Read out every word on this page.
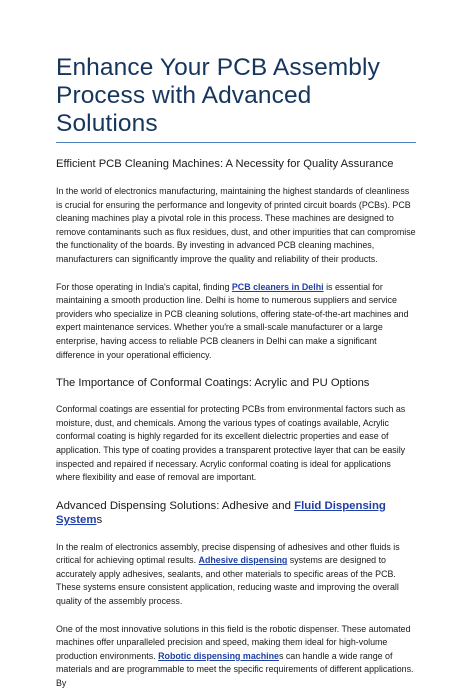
Enhance Your PCB Assembly Process with Advanced Solutions
Efficient PCB Cleaning Machines: A Necessity for Quality Assurance

In the world of electronics manufacturing, maintaining the highest standards of cleanliness is crucial for ensuring the performance and longevity of printed circuit boards (PCBs). PCB cleaning machines play a pivotal role in this process. These machines are designed to remove contaminants such as flux residues, dust, and other impurities that can compromise the functionality of the boards. By investing in advanced PCB cleaning machines, manufacturers can significantly improve the quality and reliability of their products.

For those operating in India's capital, finding PCB cleaners in Delhi is essential for maintaining a smooth production line. Delhi is home to numerous suppliers and service providers who specialize in PCB cleaning solutions, offering state-of-the-art machines and expert maintenance services. Whether you're a small-scale manufacturer or a large enterprise, having access to reliable PCB cleaners in Delhi can make a significant difference in your operational efficiency.

The Importance of Conformal Coatings: Acrylic and PU Options

Conformal coatings are essential for protecting PCBs from environmental factors such as moisture, dust, and chemicals. Among the various types of coatings available, Acrylic conformal coating is highly regarded for its excellent dielectric properties and ease of application. This type of coating provides a transparent protective layer that can be easily inspected and repaired if necessary. Acrylic conformal coating is ideal for applications where flexibility and ease of removal are important.

Advanced Dispensing Solutions: Adhesive and Fluid Dispensing Systems

In the realm of electronics assembly, precise dispensing of adhesives and other fluids is critical for achieving optimal results. Adhesive dispensing systems are designed to accurately apply adhesives, sealants, and other materials to specific areas of the PCB. These systems ensure consistent application, reducing waste and improving the overall quality of the assembly process.

One of the most innovative solutions in this field is the robotic dispenser. These automated machines offer unparalleled precision and speed, making them ideal for high-volume production environments. Robotic dispensing machines can handle a wide range of materials and are programmable to meet the specific requirements of different applications. By
